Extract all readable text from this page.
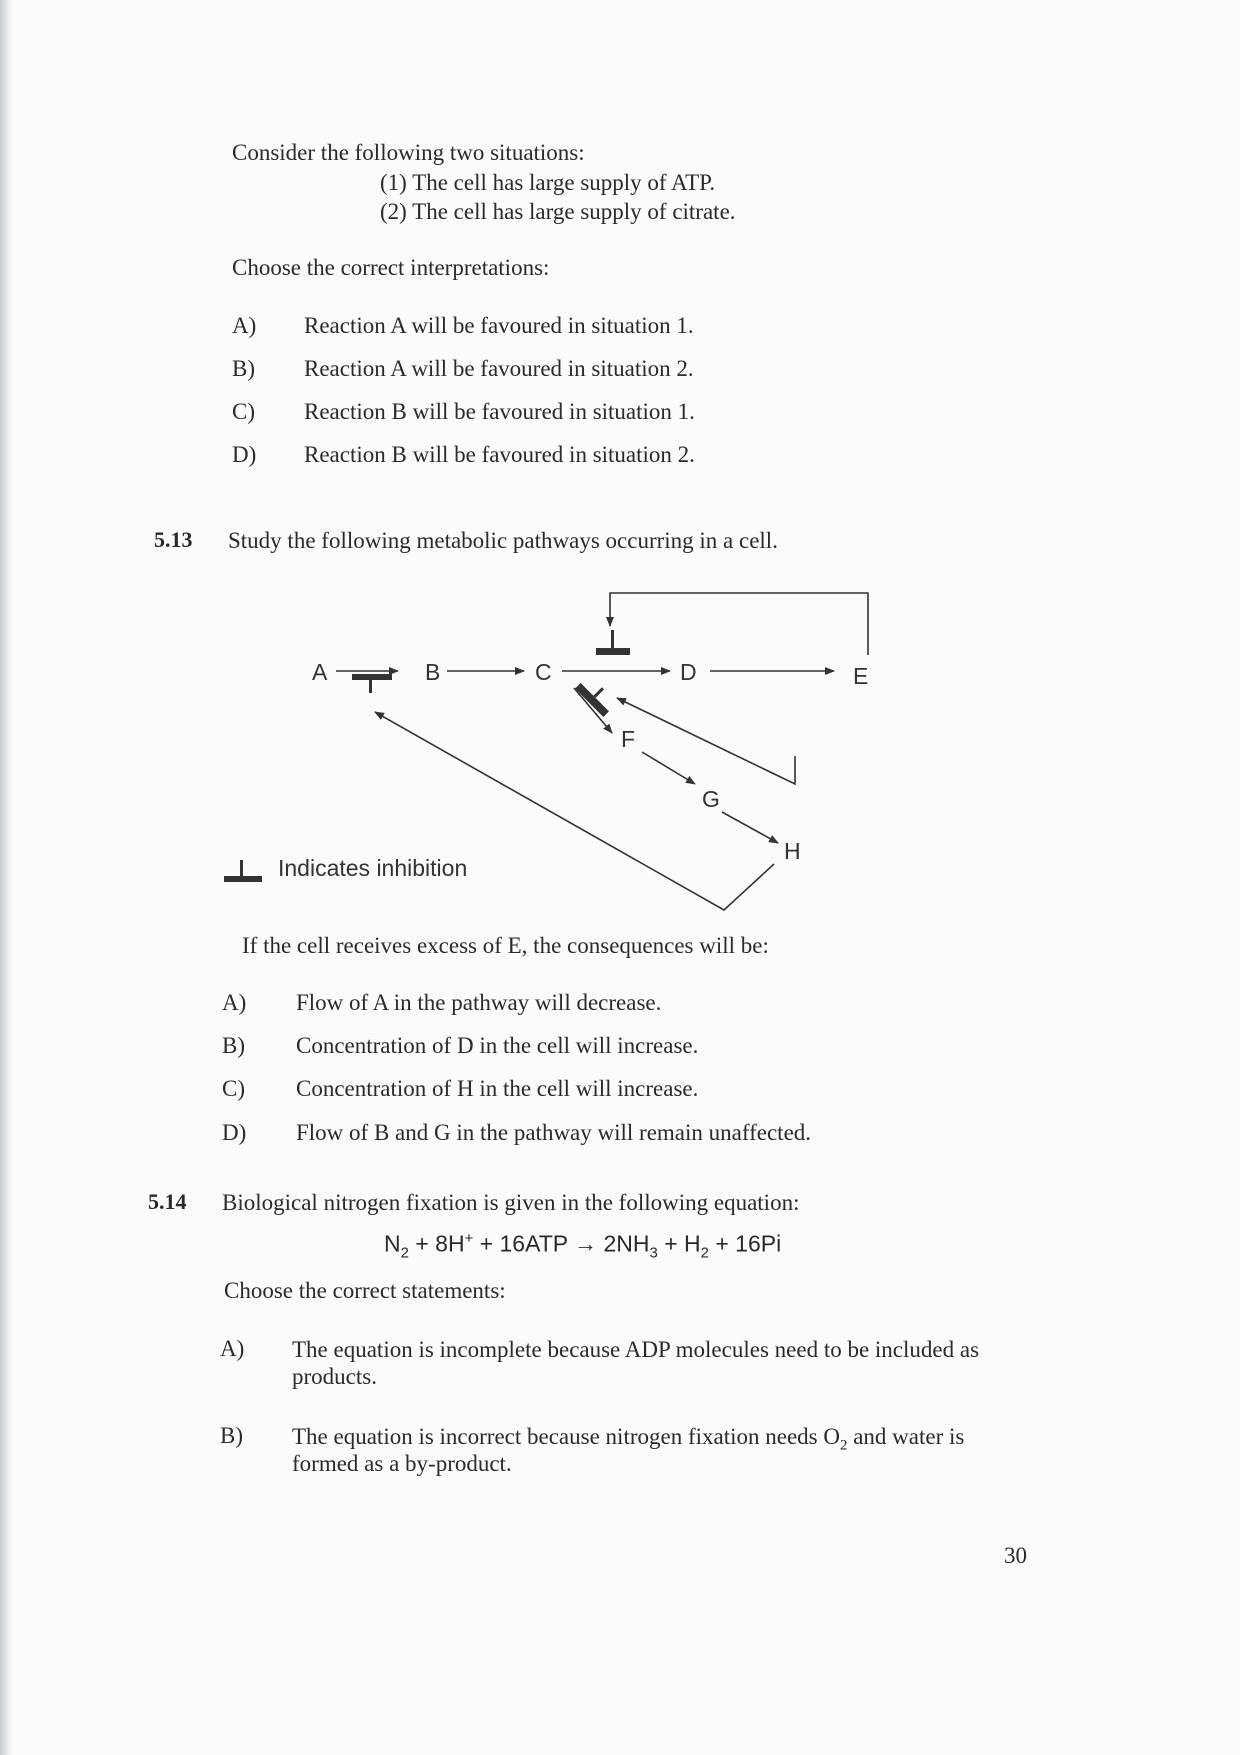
Consider the following two situations:
(1) The cell has large supply of ATP.
(2) The cell has large supply of citrate.
Choose the correct interpretations:
A) Reaction A will be favoured in situation 1.
B) Reaction A will be favoured in situation 2.
C) Reaction B will be favoured in situation 1.
D) Reaction B will be favoured in situation 2.
5.13 Study the following metabolic pathways occurring in a cell.
A	B	C	D	E
F
G
H
Indicates inhibition
If the cell receives excess of E, the consequences will be:
A) Flow of A in the pathway will decrease.
B) Concentration of D in the cell will increase.
C) Concentration of H in the cell will increase.
D) Flow of B and G in the pathway will remain unaffected.
5.14 Biological nitrogen fixation is given in the following equation:
$N_2 + 8H^+ + 16ATP \to 2NH_3 + H_2 + 16Pi$
Choose the correct statements:
A) The equation is incomplete because ADP molecules need to be included as
products.
B) The equation is incorrect because nitrogen fixation needs $O_2$ and water is
formed as a by-product.
30
